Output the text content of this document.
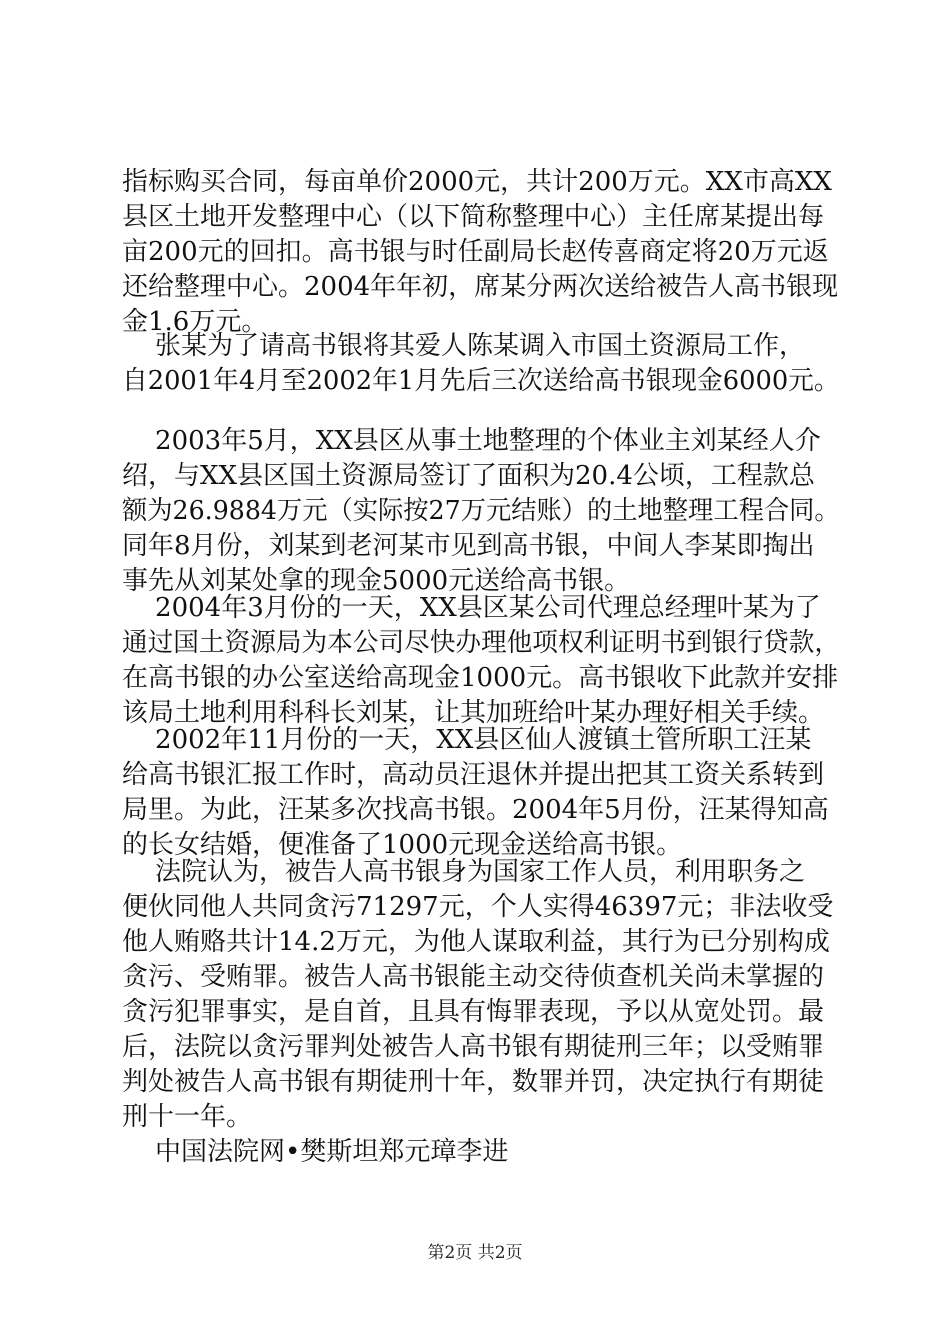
指标购买合同，每亩单价2000元，共计200万元。XX市高XX
县区土地开发整理中心（以下简称整理中心）主任席某提出每
亩200元的回扣。高书银与时任副局长赵传喜商定将20万元返
还给整理中心。2004年年初，席某分两次送给被告人高书银现
金1.6万元。
张某为了请高书银将其爱人陈某调入市国土资源局工作，
自2001年4月至2002年1月先后三次送给高书银现金6000元。
2003年5月，XX县区从事土地整理的个体业主刘某经人介
绍，与XX县区国土资源局签订了面积为20.4公顷，工程款总
额为26.9884万元（实际按27万元结账）的土地整理工程合同。
同年8月份，刘某到老河某市见到高书银，中间人李某即掏出
事先从刘某处拿的现金5000元送给高书银。
2004年3月份的一天，XX县区某公司代理总经理叶某为了
通过国土资源局为本公司尽快办理他项权利证明书到银行贷款，
在高书银的办公室送给高现金1000元。高书银收下此款并安排
该局土地利用科科长刘某，让其加班给叶某办理好相关手续。
2002年11月份的一天，XX县区仙人渡镇土管所职工汪某
给高书银汇报工作时，高动员汪退休并提出把其工资关系转到
局里。为此，汪某多次找高书银。2004年5月份，汪某得知高
的长女结婚，便准备了1000元现金送给高书银。
法院认为，被告人高书银身为国家工作人员，利用职务之
便伙同他人共同贪污71297元，个人实得46397元；非法收受
他人贿赂共计14.2万元，为他人谋取利益，其行为已分别构成
贪污、受贿罪。被告人高书银能主动交待侦查机关尚未掌握的
贪污犯罪事实，是自首，且具有悔罪表现，予以从宽处罚。最
后，法院以贪污罪判处被告人高书银有期徒刑三年；以受贿罪
判处被告人高书银有期徒刑十年，数罪并罚，决定执行有期徒
刑十一年。
中国法院网•樊斯坦郑元璋李进
第2页 共2页
